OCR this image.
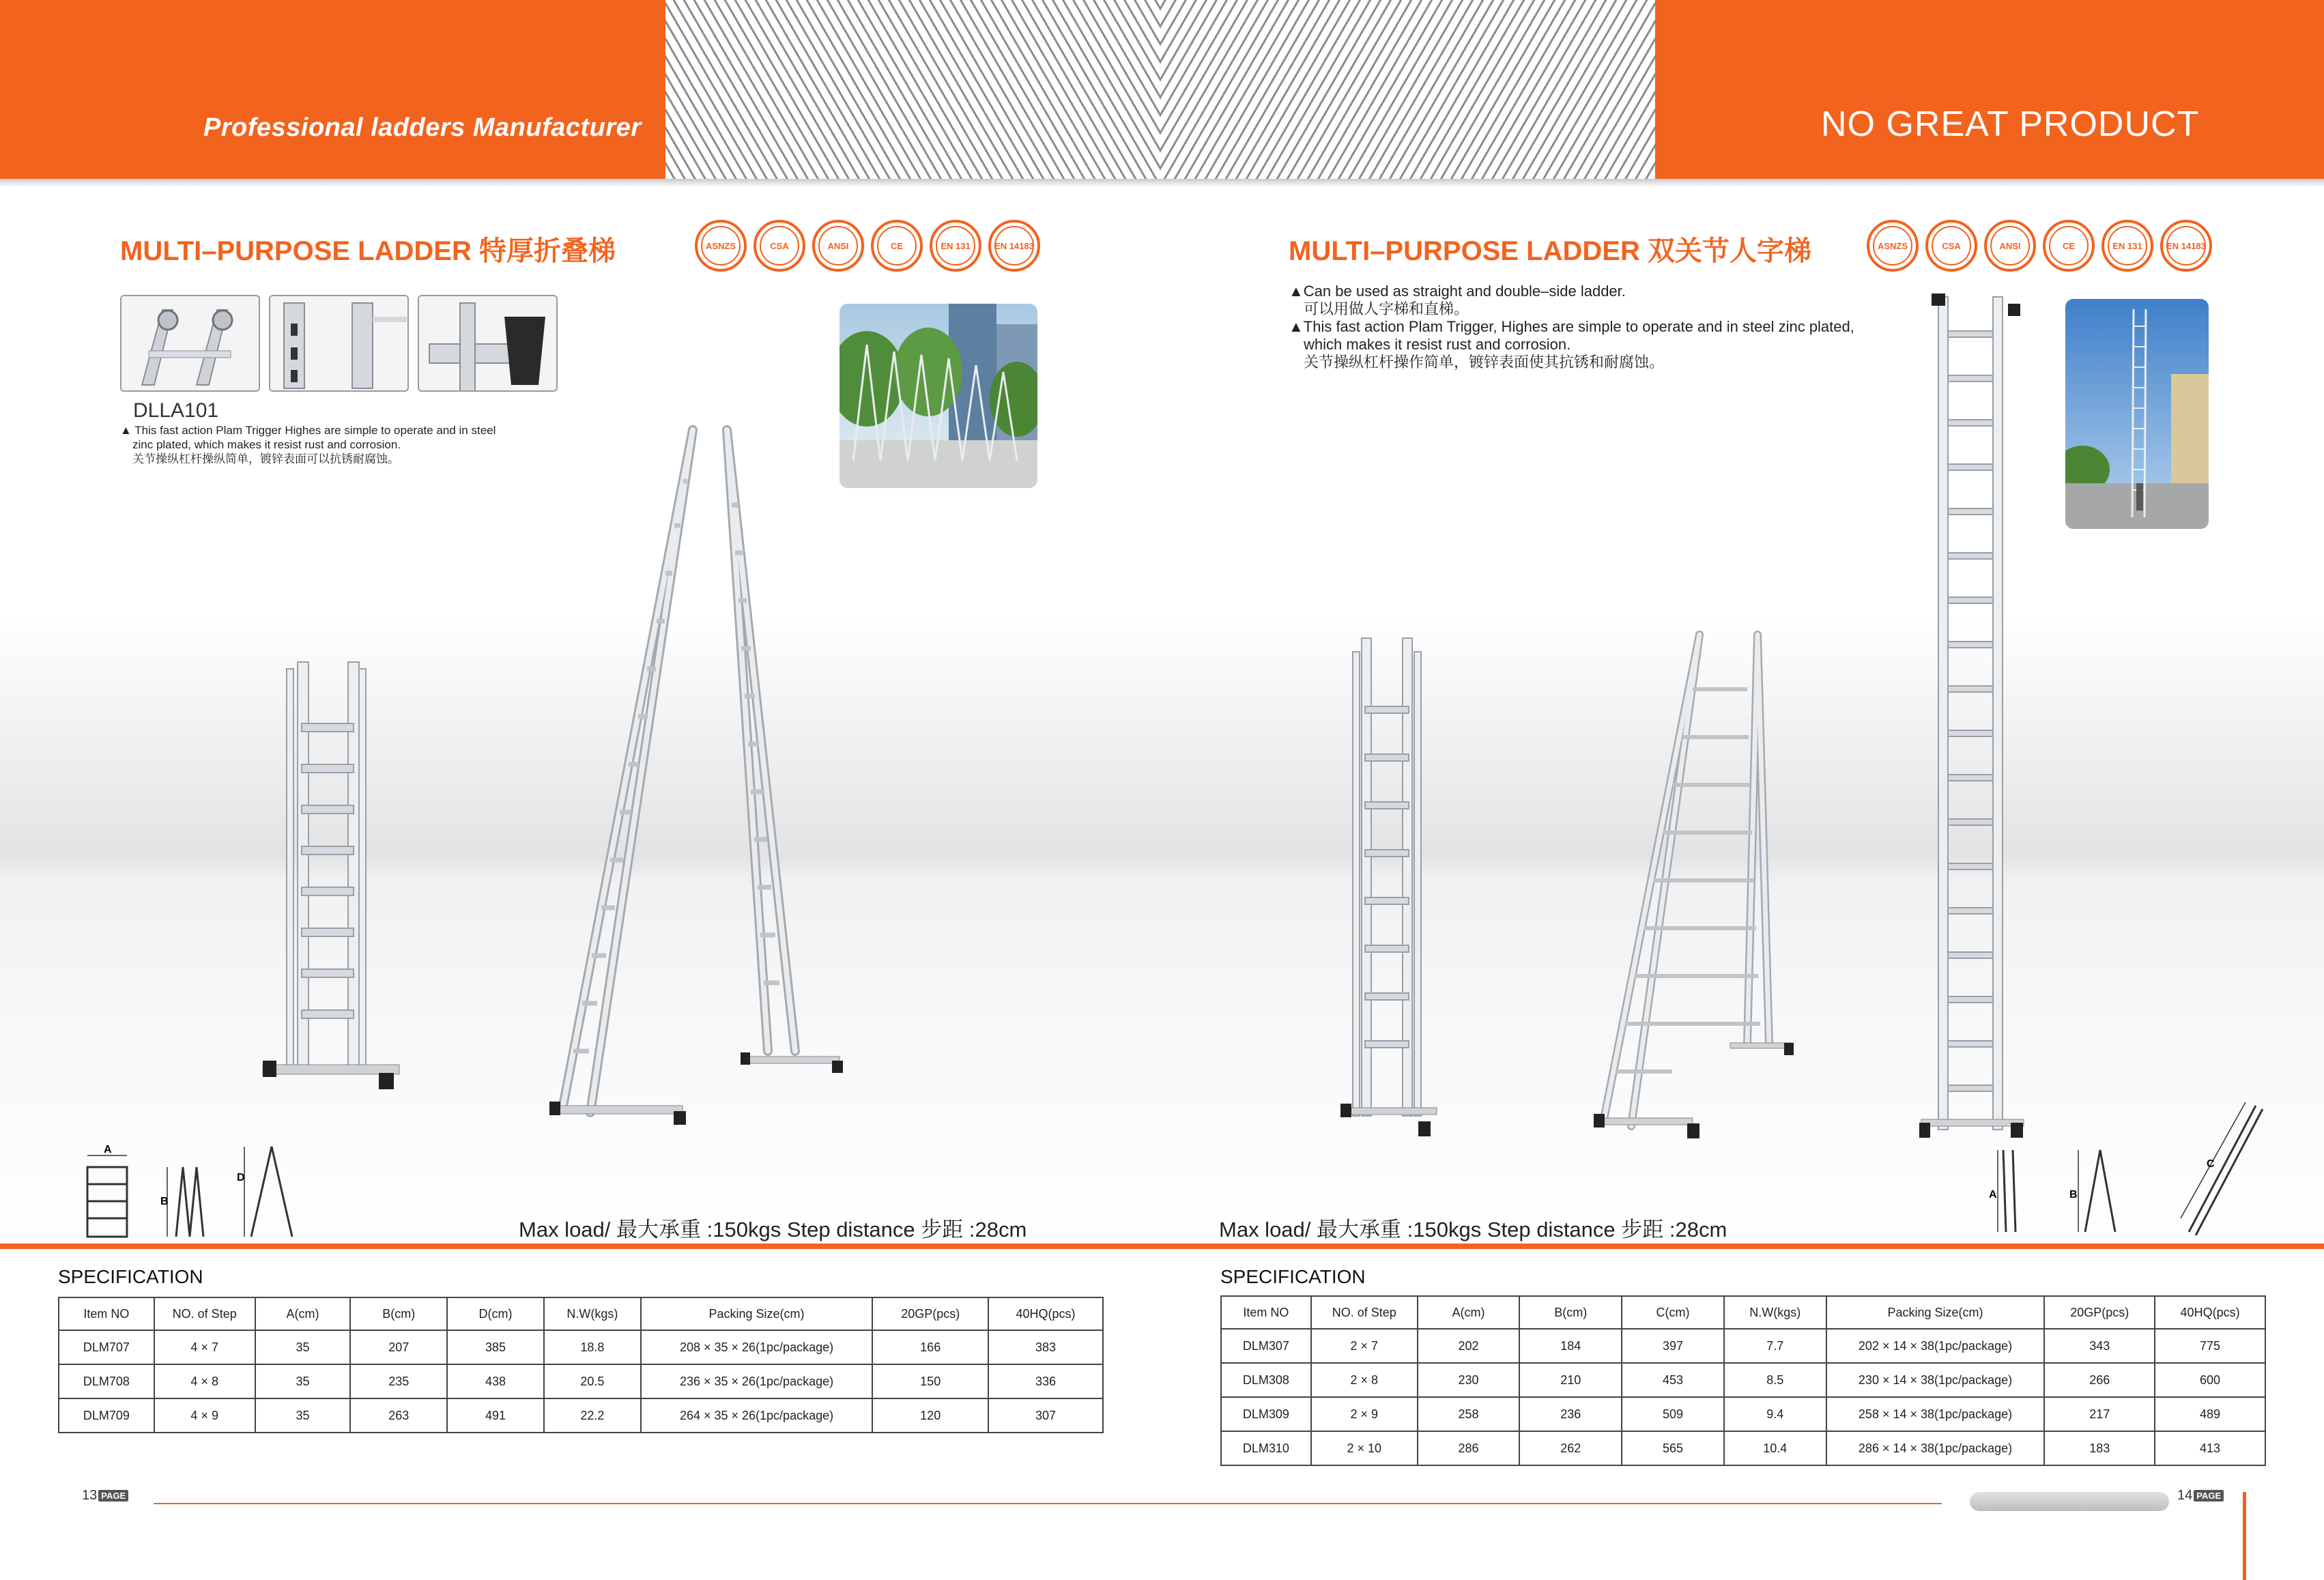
Professional ladders Manufacturer	NO GREAT PRODUCT
MULTI–PURPOSE LADDER 特厚折叠梯	ASNZS	CSA	ANSI	CE	EN 131	EN 14183
DLLA101
▲ This fast action Plam Trigger Highes are simple to operate and in steel
zinc plated, which makes it resist rust and corrosion.
关节操纵杠杆操纵简单，镀锌表面可以抗锈耐腐蚀。
A
B
D
Max load/ 最大承重 :150kgs Step distance 步距 :28cm
MULTI–PURPOSE LADDER 双关节人字梯	ASNZS	CSA	ANSI	CE	EN 131	EN 14183
▲Can be used as straight and double–side ladder.
可以用做人字梯和直梯。
▲This fast action Plam Trigger, Highes are simple to operate and in steel zinc plated,
which makes it resist rust and corrosion.
关节操纵杠杆操作简单，镀锌表面使其抗锈和耐腐蚀。
A	B
C
Max load/ 最大承重 :150kgs Step distance 步距 :28cm
SPECIFICATION
Item NO	NO. of Step	A(cm)	B(cm)	D(cm)	N.W(kgs)	Packing Size(cm)	20GP(pcs)	40HQ(pcs)
DLM707	4 × 7	35	207	385	18.8	208 × 35 × 26(1pc/package)	166	383
DLM708	4 × 8	35	235	438	20.5	236 × 35 × 26(1pc/package)	150	336
DLM709	4 × 9	35	263	491	22.2	264 × 35 × 26(1pc/package)	120	307
SPECIFICATION
Item NO	NO. of Step	A(cm)	B(cm)	C(cm)	N.W(kgs)	Packing Size(cm)	20GP(pcs)	40HQ(pcs)
DLM307	2 × 7	202	184	397	7.7	202 × 14 × 38(1pc/package)	343	775
DLM308	2 × 8	230	210	453	8.5	230 × 14 × 38(1pc/package)	266	600
DLM309	2 × 9	258	236	509	9.4	258 × 14 × 38(1pc/package)	217	489
DLM310	2 × 10	286	262	565	10.4	286 × 14 × 38(1pc/package)	183	413
13 PAGE	14 PAGE
